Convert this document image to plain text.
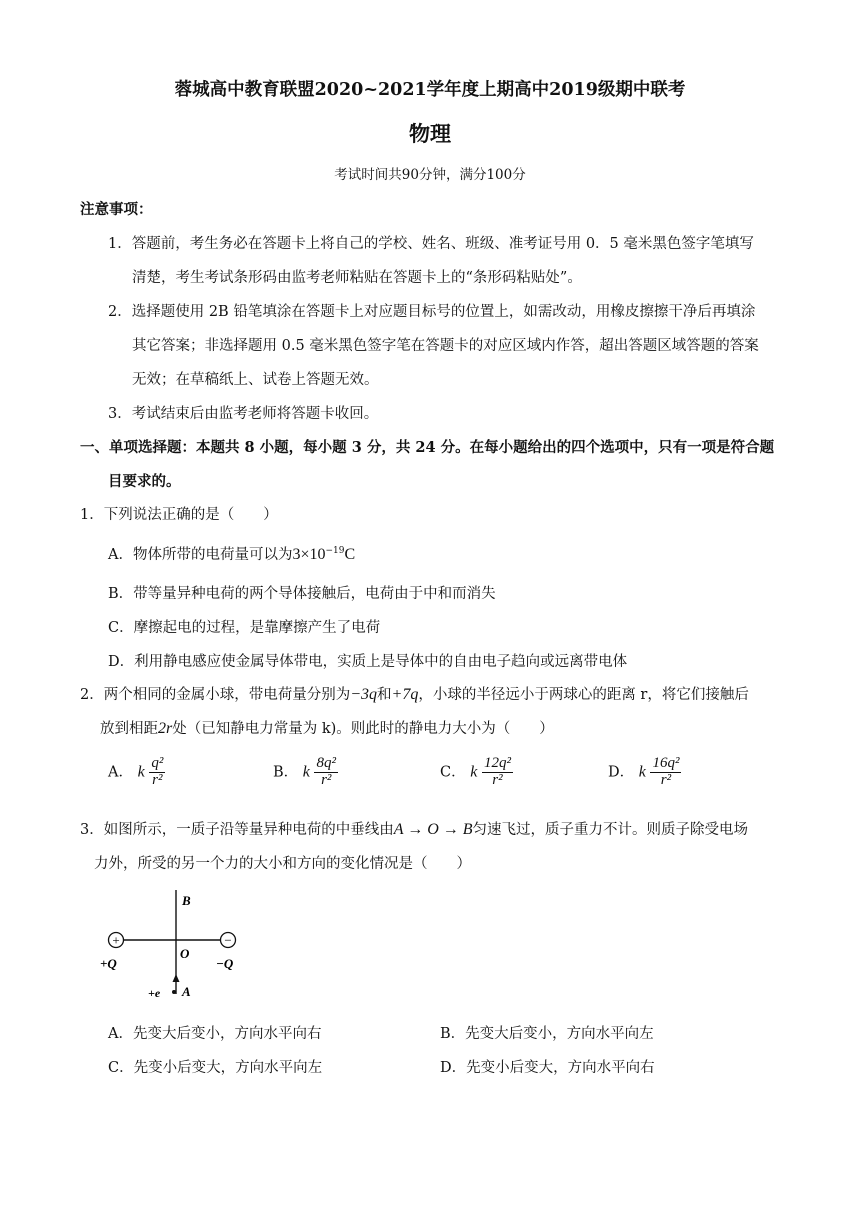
蓉城高中教育联盟2020~2021学年度上期高中2019级期中联考
物理
考试时间共90分钟，满分100分
注意事项：
1．答题前，考生务必在答题卡上将自己的学校、姓名、班级、准考证号用 0．5 毫米黑色签字笔填写
清楚，考生考试条形码由监考老师粘贴在答题卡上的“条形码粘贴处”。
2．选择题使用 2B 铅笔填涂在答题卡上对应题目标号的位置上，如需改动，用橡皮擦擦干净后再填涂
其它答案；非选择题用 0.5 毫米黑色签字笔在答题卡的对应区域内作答，超出答题区域答题的答案
无效；在草稿纸上、试卷上答题无效。
3．考试结束后由监考老师将答题卡收回。
一、单项选择题：本题共 8 小题，每小题 3 分，共 24 分。在每小题给出的四个选项中，只有一项是符合题
目要求的。
1．下列说法正确的是（　　）
A．物体所带的电荷量可以为$3\times 10^{-19}C$
B．带等量异种电荷的两个导体接触后，电荷由于中和而消失
C．摩擦起电的过程，是靠摩擦产生了电荷
D．利用静电感应使金属导体带电，实质上是导体中的自由电子趋向或远离带电体
2．两个相同的金属小球，带电荷量分别为−3q和+7q，小球的半径远小于两球心的距离 r，将它们接触后
放到相距2r处（已知静电力常量为 k)。则此时的静电力大小为（　　）
A． k $\frac{\text{q²}}{\text{r²}}$	B． k $\frac{\text{8q²}}{\text{r²}}$	C． k $\frac{\text{12q²}}{\text{r²}}$	D． k $\frac{\text{16q²}}{\text{r²}}$
3．如图所示，一质子沿等量异种电荷的中垂线由A → O → B匀速飞过，质子重力不计。则质子除受电场
力外，所受的另一个力的大小和方向的变化情况是（　　）
+	−
B
O
A
+Q	−Q
+e
A．先变大后变小，方向水平向右	B．先变大后变小，方向水平向左
C．先变小后变大，方向水平向左	D．先变小后变大，方向水平向右
